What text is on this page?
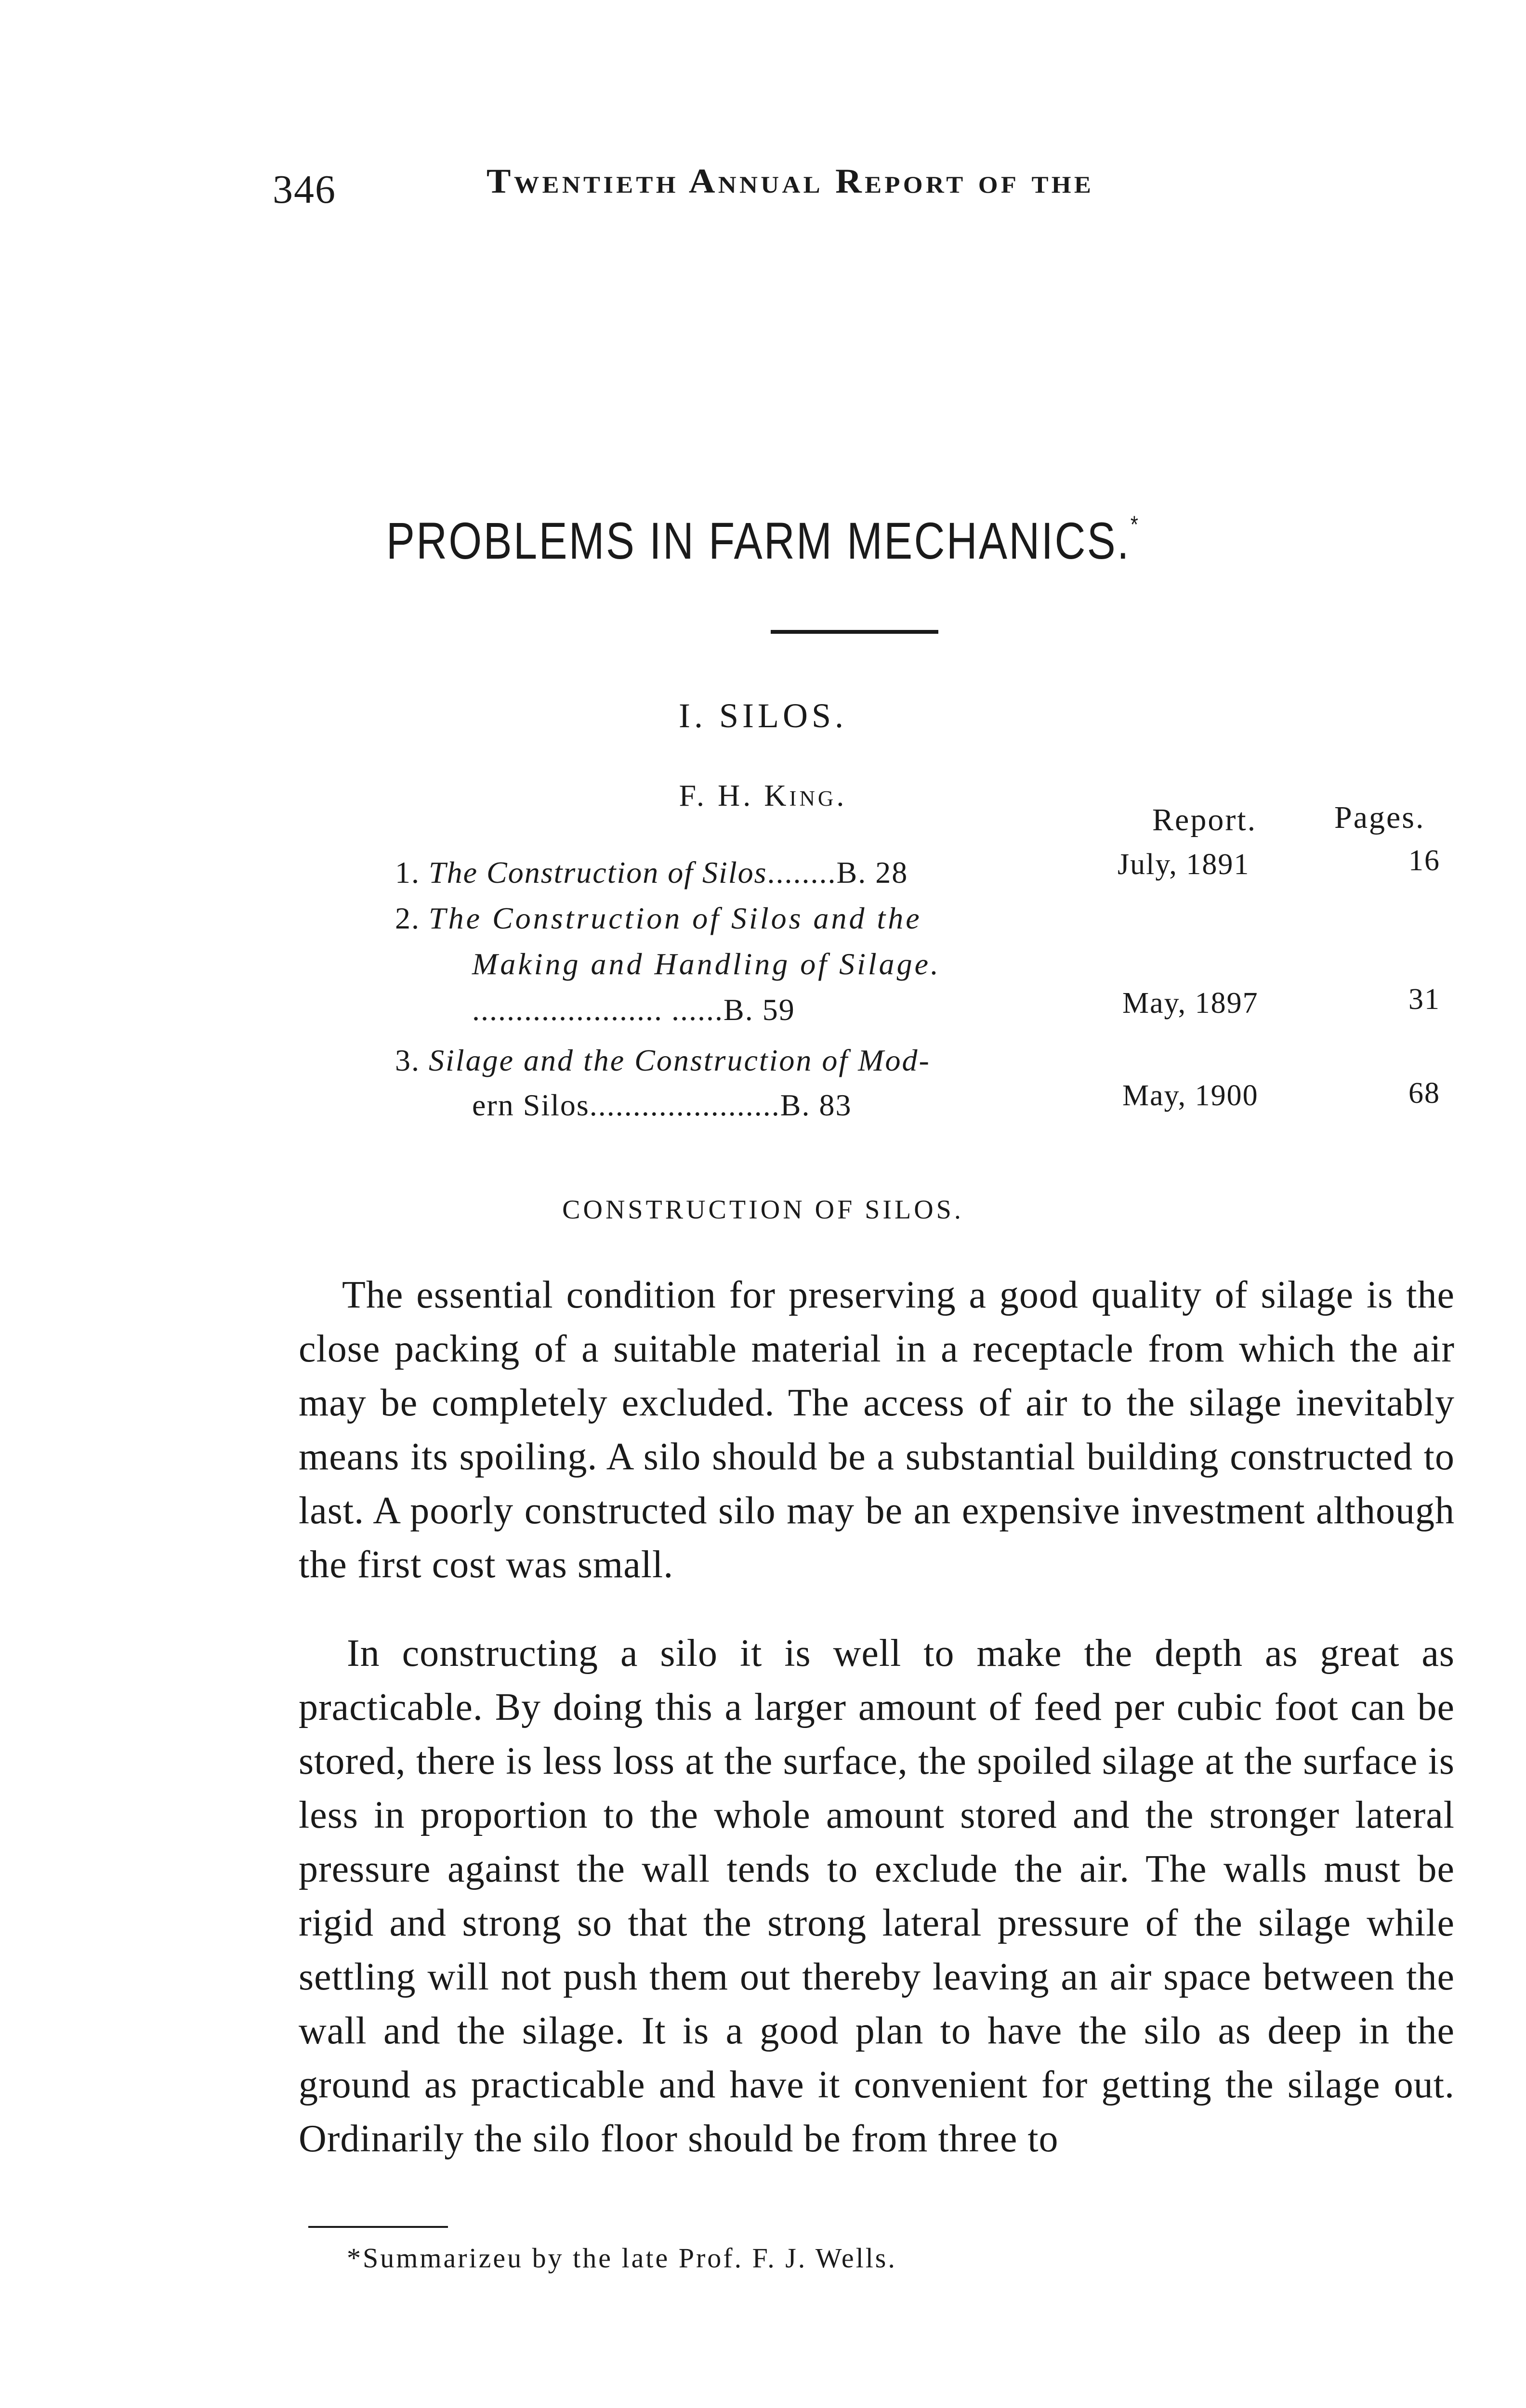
346	Twentieth Annual Report of the
PROBLEMS IN FARM MECHANICS.*
I. SILOS.
F. H. King.
Report. Pages.
1. The Construction of Silos........B. 28	July, 1891	16
2. The Construction of Silos and the
Making and Handling of Silage.
...................... ......B. 59	May, 1897	31
3. Silage and the Construction of Mod-
ern Silos......................B. 83	May, 1900	68
CONSTRUCTION OF SILOS.

The essential condition for preserving a good quality of silage is the close packing of a suitable material in a receptacle from which the air may be completely excluded. The access of air to the silage inevitably means its spoiling. A silo should be a substantial building constructed to last. A poorly constructed silo may be an expensive investment although the first cost was small.

In constructing a silo it is well to make the depth as great as practicable. By doing this a larger amount of feed per cubic foot can be stored, there is less loss at the surface, the spoiled silage at the surface is less in proportion to the whole amount stored and the stronger lateral pressure against the wall tends to exclude the air. The walls must be rigid and strong so that the strong lateral pressure of the silage while settling will not push them out thereby leaving an air space between the wall and the silage. It is a good plan to have the silo as deep in the ground as practicable and have it convenient for getting the silage out. Ordinarily the silo floor should be from three to

*Summarizeu by the late Prof. F. J. Wells.
